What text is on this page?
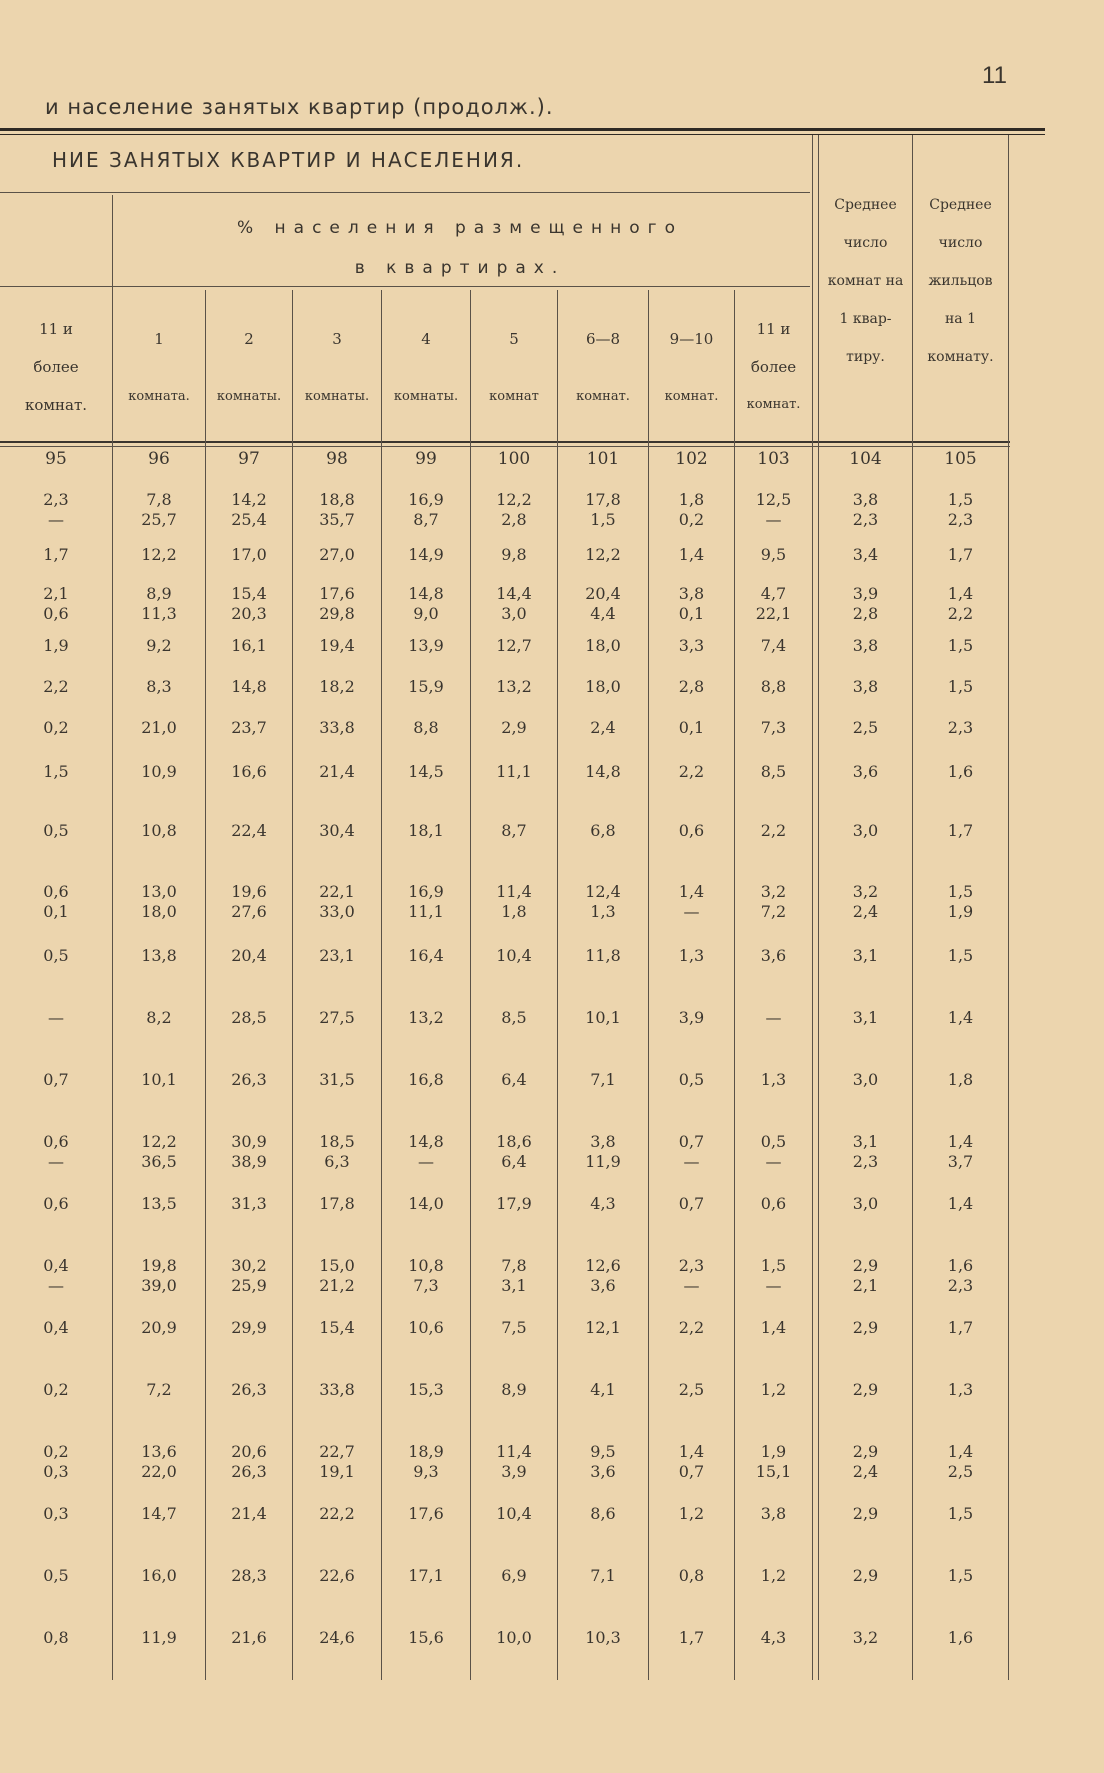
11
и население занятых квартир (продолж.).
НИЕ ЗАНЯТЫХ КВАРТИР И НАСЕЛЕНИЯ.
11 и
более
комнат.
% населения размещенного
в квартирах.
1
комната.
2
комнаты.
3
комнаты.
4
комнаты.
5
комнат
6—8
комнат.
9—10
комнат.
11 и
более
комнат.
Среднее
число
комнат на
1 квар-
тиру.
Среднее
число
жильцов
на 1
комнату.
95	96	97	98	99	100	101	102	103	104	105
2,3	7,8	14,2	18,8	16,9	12,2	17,8	1,8	12,5	3,8	1,5
—	25,7	25,4	35,7	8,7	2,8	1,5	0,2	—	2,3	2,3
1,7	12,2	17,0	27,0	14,9	9,8	12,2	1,4	9,5	3,4	1,7
2,1	8,9	15,4	17,6	14,8	14,4	20,4	3,8	4,7	3,9	1,4
0,6	11,3	20,3	29,8	9,0	3,0	4,4	0,1	22,1	2,8	2,2
1,9	9,2	16,1	19,4	13,9	12,7	18,0	3,3	7,4	3,8	1,5
2,2	8,3	14,8	18,2	15,9	13,2	18,0	2,8	8,8	3,8	1,5
0,2	21,0	23,7	33,8	8,8	2,9	2,4	0,1	7,3	2,5	2,3
1,5	10,9	16,6	21,4	14,5	11,1	14,8	2,2	8,5	3,6	1,6
0,5	10,8	22,4	30,4	18,1	8,7	6,8	0,6	2,2	3,0	1,7
0,6	13,0	19,6	22,1	16,9	11,4	12,4	1,4	3,2	3,2	1,5
0,1	18,0	27,6	33,0	11,1	1,8	1,3	—	7,2	2,4	1,9
0,5	13,8	20,4	23,1	16,4	10,4	11,8	1,3	3,6	3,1	1,5
—	8,2	28,5	27,5	13,2	8,5	10,1	3,9	—	3,1	1,4
0,7	10,1	26,3	31,5	16,8	6,4	7,1	0,5	1,3	3,0	1,8
0,6	12,2	30,9	18,5	14,8	18,6	3,8	0,7	0,5	3,1	1,4
—	36,5	38,9	6,3	—	6,4	11,9	—	—	2,3	3,7
0,6	13,5	31,3	17,8	14,0	17,9	4,3	0,7	0,6	3,0	1,4
0,4	19,8	30,2	15,0	10,8	7,8	12,6	2,3	1,5	2,9	1,6
—	39,0	25,9	21,2	7,3	3,1	3,6	—	—	2,1	2,3
0,4	20,9	29,9	15,4	10,6	7,5	12,1	2,2	1,4	2,9	1,7
0,2	7,2	26,3	33,8	15,3	8,9	4,1	2,5	1,2	2,9	1,3
0,2	13,6	20,6	22,7	18,9	11,4	9,5	1,4	1,9	2,9	1,4
0,3	22,0	26,3	19,1	9,3	3,9	3,6	0,7	15,1	2,4	2,5
0,3	14,7	21,4	22,2	17,6	10,4	8,6	1,2	3,8	2,9	1,5
0,5	16,0	28,3	22,6	17,1	6,9	7,1	0,8	1,2	2,9	1,5
0,8	11,9	21,6	24,6	15,6	10,0	10,3	1,7	4,3	3,2	1,6
